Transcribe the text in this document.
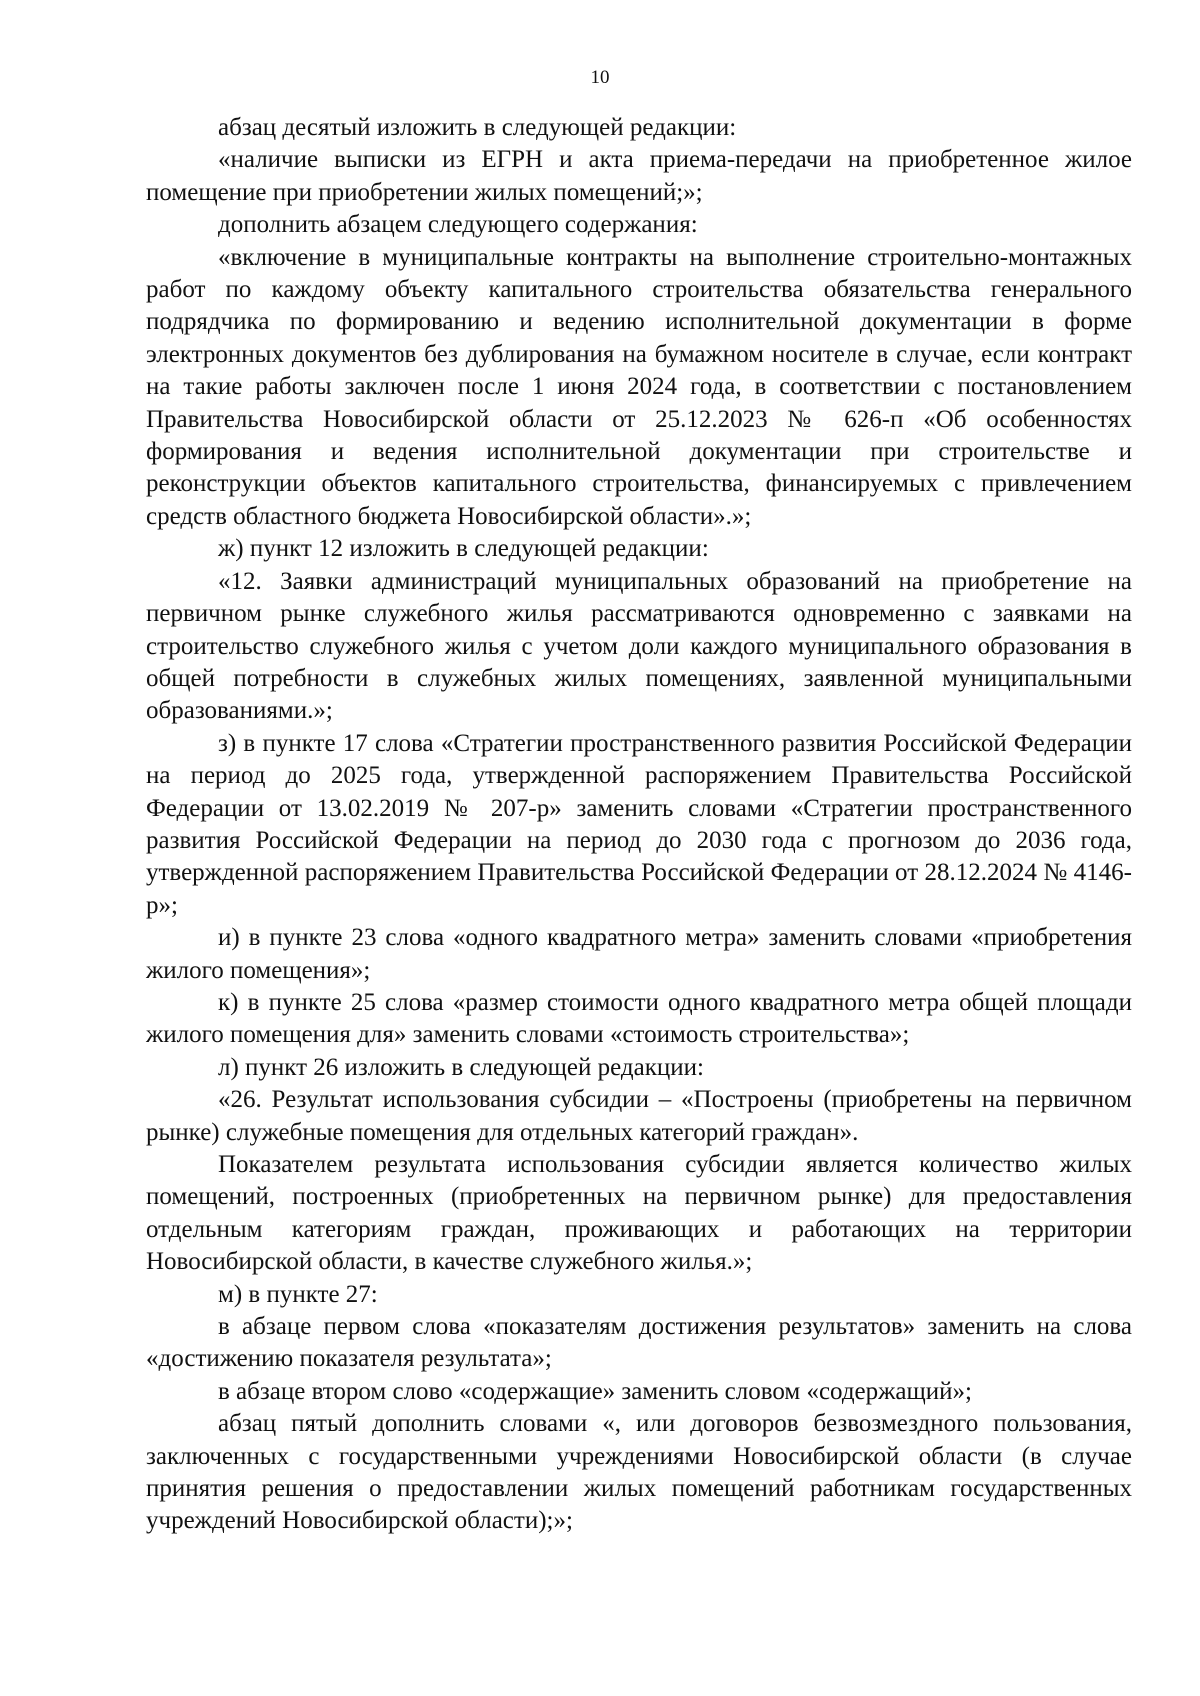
10

абзац десятый изложить в следующей редакции:

«наличие выписки из ЕГРН и акта приема-передачи на приобретенное жилое помещение при приобретении жилых помещений;»;

дополнить абзацем следующего содержания:

«включение в муниципальные контракты на выполнение строительно-монтажных работ по каждому объекту капитального строительства обязательства генерального подрядчика по формированию и ведению исполнительной документации в форме электронных документов без дублирования на бумажном носителе в случае, если контракт на такие работы заключен после 1 июня 2024 года, в соответствии с постановлением Правительства Новосибирской области от 25.12.2023 № 626-п «Об особенностях формирования и ведения исполнительной документации при строительстве и реконструкции объектов капитального строительства, финансируемых с привлечением средств областного бюджета Новосибирской области».»;

ж) пункт 12 изложить в следующей редакции:

«12. Заявки администраций муниципальных образований на приобретение на первичном рынке служебного жилья рассматриваются одновременно с заявками на строительство служебного жилья с учетом доли каждого муниципального образования в общей потребности в служебных жилых помещениях, заявленной муниципальными образованиями.»;

з) в пункте 17 слова «Стратегии пространственного развития Российской Федерации на период до 2025 года, утвержденной распоряжением Правительства Российской Федерации от 13.02.2019 № 207-р» заменить словами «Стратегии пространственного развития Российской Федерации на период до 2030 года с прогнозом до 2036 года, утвержденной распоряжением Правительства Российской Федерации от 28.12.2024 № 4146-р»;

и) в пункте 23 слова «одного квадратного метра» заменить словами «приобретения жилого помещения»;

к) в пункте 25 слова «размер стоимости одного квадратного метра общей площади жилого помещения для» заменить словами «стоимость строительства»;

л) пункт 26 изложить в следующей редакции:

«26. Результат использования субсидии – «Построены (приобретены на первичном рынке) служебные помещения для отдельных категорий граждан».

Показателем результата использования субсидии является количество жилых помещений, построенных (приобретенных на первичном рынке) для предоставления отдельным категориям граждан, проживающих и работающих на территории Новосибирской области, в качестве служебного жилья.»;

м) в пункте 27:

в абзаце первом слова «показателям достижения результатов» заменить на слова «достижению показателя результата»;

в абзаце втором слово «содержащие» заменить словом «содержащий»;

абзац пятый дополнить словами «, или договоров безвозмездного пользования, заключенных с государственными учреждениями Новосибирской области (в случае принятия решения о предоставлении жилых помещений работникам государственных учреждений Новосибирской области);»;
